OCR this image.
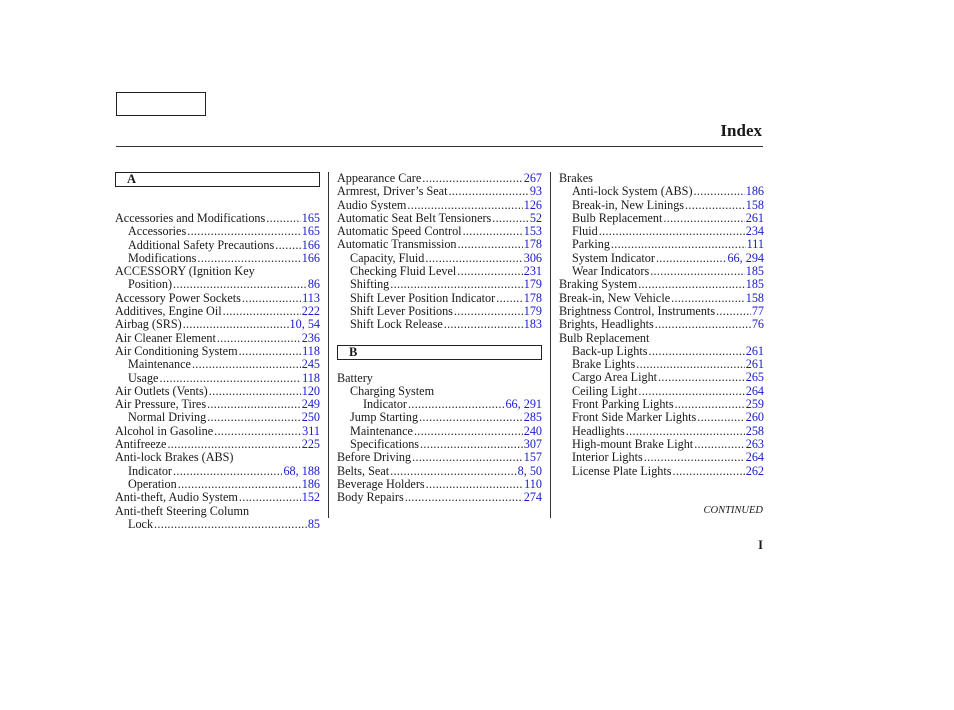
Index
A
Accessories and Modifications .....	165
Accessories .....	165
Additional Safety Precautions ..... 166
Modifications .....	166
ACCESSORY (Ignition Key
Position) .....	86
Accessory Power Sockets .....	113
Additives, Engine Oil .....	222
Airbag (SRS) .....	10, 54
Air Cleaner Element .....	236
Air Conditioning System .....	118
Maintenance .....	245
Usage .....	118
Air Outlets (Vents) .....	120
Air Pressure, Tires .....	249
Normal Driving .....	250
Alcohol in Gasoline .....	311
Antifreeze .....	225
Anti-lock Brakes (ABS)
Indicator .....	68, 188
Operation .....	186
Anti-theft, Audio System .....	152
Anti-theft Steering Column
Lock .....	85
Appearance Care .....	267
Armrest, Driver’s Seat .....	93
Audio System .....	126
Automatic Seat Belt Tensioners .....	52
Automatic Speed Control .....	153
Automatic Transmission .....	178
Capacity, Fluid .....	306
Checking Fluid Level .....	231
Shifting .....	179
Shift Lever Position Indicator ..... 178
Shift Lever Positions .....	179
Shift Lock Release .....	183
B
Battery
Charging System
Indicator .....	66, 291
Jump Starting .....	285
Maintenance .....	240
Specifications .....	307
Before Driving .....	157
Belts, Seat .....	8, 50
Beverage Holders .....	110
Body Repairs .....	274
Brakes
Anti-lock System (ABS) .....	186
Break-in, New Linings .....	158
Bulb Replacement .....	261
Fluid .....	234
Parking .....	111
System Indicator .....	66, 294
Wear Indicators .....	185
Braking System .....	185
Break-in, New Vehicle .....	158
Brightness Control, Instruments .....	77
Brights, Headlights .....	76
Bulb Replacement
Back-up Lights .....	261
Brake Lights .....	261
Cargo Area Light .....	265
Ceiling Light .....	264
Front Parking Lights .....	259
Front Side Marker Lights .....	260
Headlights .....	258
High-mount Brake Light .....	263
Interior Lights .....	264
License Plate Lights .....	262
CONTINUED
I
